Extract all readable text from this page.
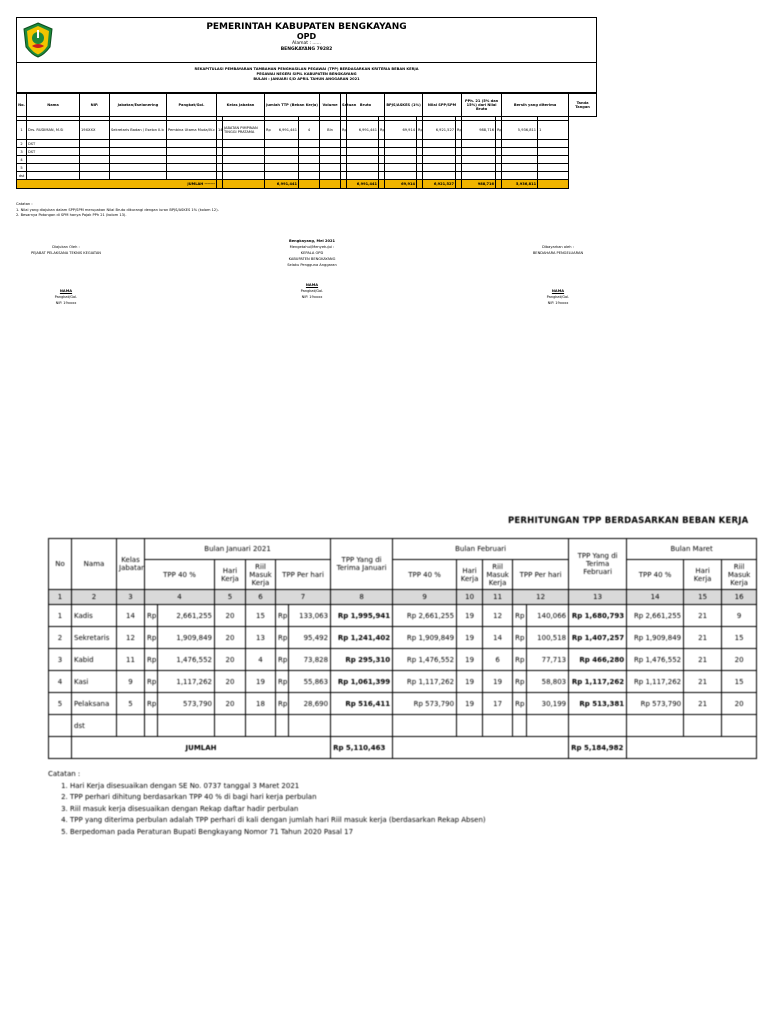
PEMERINTAH KABUPATEN BENGKAYANG
OPD
Alamat : ......
BENGKAYANG 79282
REKAPITULASI PEMBAYARAN TAMBAHAN PENGHASILAN PEGAWAI (TPP) BERDASARKAN KRITERIA BEBAN KERJA
PEGAWAI NEGERI SIPIL KABUPATEN BENGKAYANG
BULAN : JANUARI S/D APRIL TAHUN ANGGARAN 2021
No.	Nama	NIP.	Jabatan/Eselonering	Pangkat/Gol.	Kelas Jabatan		Jumlah TTP (Beban Kerja)		Volume	Satuan	Bruto		BPJS/ASKES (1%)		Nilai SPP/SPM		PPh. 21 (5% dan 15%) dari Nilai Bruto		Bersih yang diterima		Tanda Tangan

1	Drs. RUDIMAN, M.Si	19XXXX	Sekretaris Badan / Eselon II.b	Pembina Utama Muda/IV.c	14	JABATAN PIMPINAN TINGGI PRATAMA	Rp 6,991,441	4	Bln	Rp	6,991,441	Rp	69,914	Rp	6,921,527	Rp	988,716	Rp	5,936,811	1	
2	DST																				
3	DST																				
4																					
5																					
dst																					
JUMLAH -------							6,991,441				6,991,441		69,914		6,921,527		988,716		5,936,811		
Catatan :
1. Nilai yang diajukan dalam SPP/SPM merupakan Nilai Bruto dikurangi dengan iuran BPJS/ASKES 1% (kolom 12).
2. Besarnya Potongan di SPM hanya Pajak PPh 21 (kolom 13).
Diajukan Oleh :
PEJABAT PELAKSANA TEKNIS KEGIATAN
NAMA
Pangkat/Gol.
NIP. 19xxxx
Bengkayang, Mei 2021
Mengetahui/Menyetujui :
KEPALA OPD
KABUPATEN BENGKAYANG
Selaku Pengguna Anggaran
NAMA
Pangkat/Gol.
NIP. 19xxxx
Dibayarkan oleh :
BENDAHARA PENGELUARAN
NAMA
Pangkat/Gol.
NIP. 19xxxx
PERHITUNGAN TPP BERDASARKAN BEBAN KERJA
No	Nama	Kelas Jabatan	Bulan Januari 2021						TPP Yang di Terima Januari	Bulan Februari					TPP Yang di Terima Februari	Bulan Maret		
			TPP 40 %		Hari Kerja	Riil Masuk Kerja	TPP Per hari			TPP 40 %	Hari Kerja	Riil Masuk Kerja	TPP Per hari			TPP 40 %	Hari Kerja	Riil Masuk Kerja
1	2	3	4		5	6	7		8	9	10	11	12		13	14	15	16
1	Kadis	14	Rp	2,661,255	20	15	Rp	133,063	Rp 1,995,941	Rp 2,661,255	19	12	Rp	140,066	Rp 1,680,793	Rp 2,661,255	21	9
2	Sekretaris	12	Rp	1,909,849	20	13	Rp	95,492	Rp 1,241,402	Rp 1,909,849	19	14	Rp	100,518	Rp 1,407,257	Rp 1,909,849	21	15
3	Kabid	11	Rp	1,476,552	20	4	Rp	73,828	Rp 295,310	Rp 1,476,552	19	6	Rp	77,713	Rp 466,280	Rp 1,476,552	21	20
4	Kasi	9	Rp	1,117,262	20	19	Rp	55,863	Rp 1,061,399	Rp 1,117,262	19	19	Rp	58,803	Rp 1,117,262	Rp 1,117,262	21	15
5	Pelaksana	5	Rp	573,790	20	18	Rp	28,690	Rp 516,411	Rp 573,790	19	17	Rp	30,199	Rp 513,381	Rp 573,790	21	20
	dst																	
	JUMLAH								Rp 5,110,463						Rp 5,184,982			
Catatan :
1. Hari Kerja disesuaikan dengan SE No. 0737 tanggal 3 Maret 2021
2. TPP perhari dihitung berdasarkan TPP 40 % di bagi hari kerja perbulan
3. Riil masuk kerja disesuaikan dengan Rekap daftar hadir perbulan
4. TPP yang diterima perbulan adalah TPP perhari di kali dengan jumlah hari Riil masuk kerja (berdasarkan Rekap Absen)
5. Berpedoman pada Peraturan Bupati Bengkayang Nomor 71 Tahun 2020 Pasal 17
